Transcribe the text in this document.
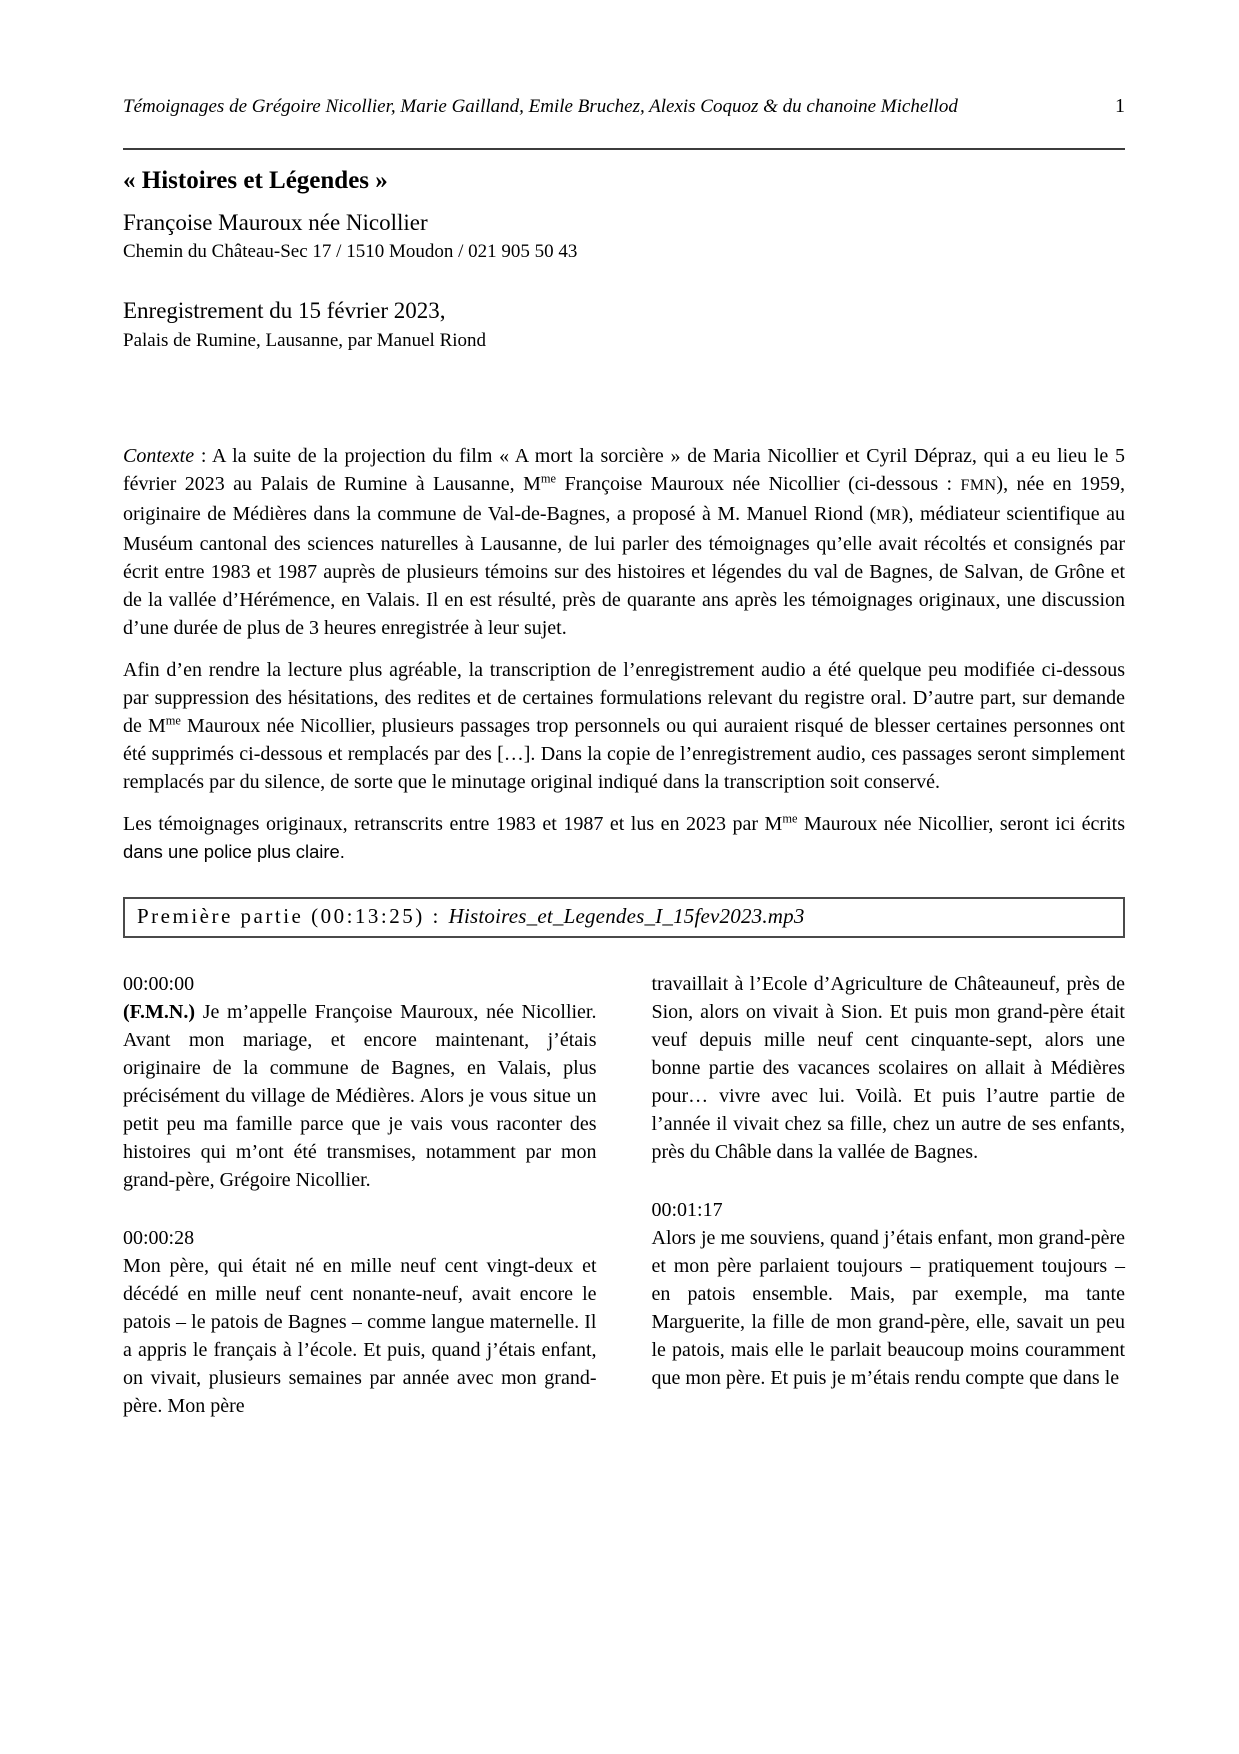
Témoignages de Grégoire Nicollier, Marie Gailland, Emile Bruchez, Alexis Coquoz & du chanoine Michellod	1
« Histoires et Légendes »
Françoise Mauroux née Nicollier
Chemin du Château-Sec 17 / 1510 Moudon / 021 905 50 43
Enregistrement du 15 février 2023,
Palais de Rumine, Lausanne, par Manuel Riond

Contexte : A la suite de la projection du film « A mort la sorcière » de Maria Nicollier et Cyril Dépraz, qui a eu lieu le 5 février 2023 au Palais de Rumine à Lausanne, $M^{me}$ Françoise Mauroux née Nicollier (ci-dessous : FMN), née en 1959, originaire de Médières dans la commune de Val-de-Bagnes, a proposé à M. Manuel Riond (MR), médiateur scientifique au Muséum cantonal des sciences naturelles à Lausanne, de lui parler des témoignages qu’elle avait récoltés et consignés par écrit entre 1983 et 1987 auprès de plusieurs témoins sur des histoires et légendes du val de Bagnes, de Salvan, de Grône et de la vallée d’Hérémence, en Valais. Il en est résulté, près de quarante ans après les témoignages originaux, une discussion d’une durée de plus de 3 heures enregistrée à leur sujet.

Afin d’en rendre la lecture plus agréable, la transcription de l’enregistrement audio a été quelque peu modifiée ci-dessous par suppression des hésitations, des redites et de certaines formulations relevant du registre oral. D’autre part, sur demande de $M^{me}$ Mauroux née Nicollier, plusieurs passages trop personnels ou qui auraient risqué de blesser certaines personnes ont été supprimés ci-dessous et remplacés par des […]. Dans la copie de l’enregistrement audio, ces passages seront simplement remplacés par du silence, de sorte que le minutage original indiqué dans la transcription soit conservé.

Les témoignages originaux, retranscrits entre 1983 et 1987 et lus en 2023 par $M^{me}$ Mauroux née Nicollier, seront ici écrits dans une police plus claire.

Première partie (00:13:25) : Histoires_et_Legendes_I_15fev2023.mp3
00:00:00
(F.M.N.) Je m’appelle Françoise Mauroux, née Nicollier. Avant mon mariage, et encore maintenant, j’étais originaire de la commune de Bagnes, en Valais, plus précisément du village de Médières. Alors je vous situe un petit peu ma famille parce que je vais vous raconter des histoires qui m’ont été transmises, notamment par mon grand-père, Grégoire Nicollier.
00:00:28
Mon père, qui était né en mille neuf cent vingt-deux et décédé en mille neuf cent nonante-neuf, avait encore le patois – le patois de Bagnes – comme langue maternelle. Il a appris le français à l’école. Et puis, quand j’étais enfant, on vivait, plusieurs semaines par année avec mon grand-père. Mon père
travaillait à l’Ecole d’Agriculture de Châteauneuf, près de Sion, alors on vivait à Sion. Et puis mon grand-père était veuf depuis mille neuf cent cinquante-sept, alors une bonne partie des vacances scolaires on allait à Médières pour… vivre avec lui. Voilà. Et puis l’autre partie de l’année il vivait chez sa fille, chez un autre de ses enfants, près du Châble dans la vallée de Bagnes.
00:01:17
Alors je me souviens, quand j’étais enfant, mon grand-père et mon père parlaient toujours – pratiquement toujours – en patois ensemble. Mais, par exemple, ma tante Marguerite, la fille de mon grand-père, elle, savait un peu le patois, mais elle le parlait beaucoup moins couramment que mon père. Et puis je m’étais rendu compte que dans le
